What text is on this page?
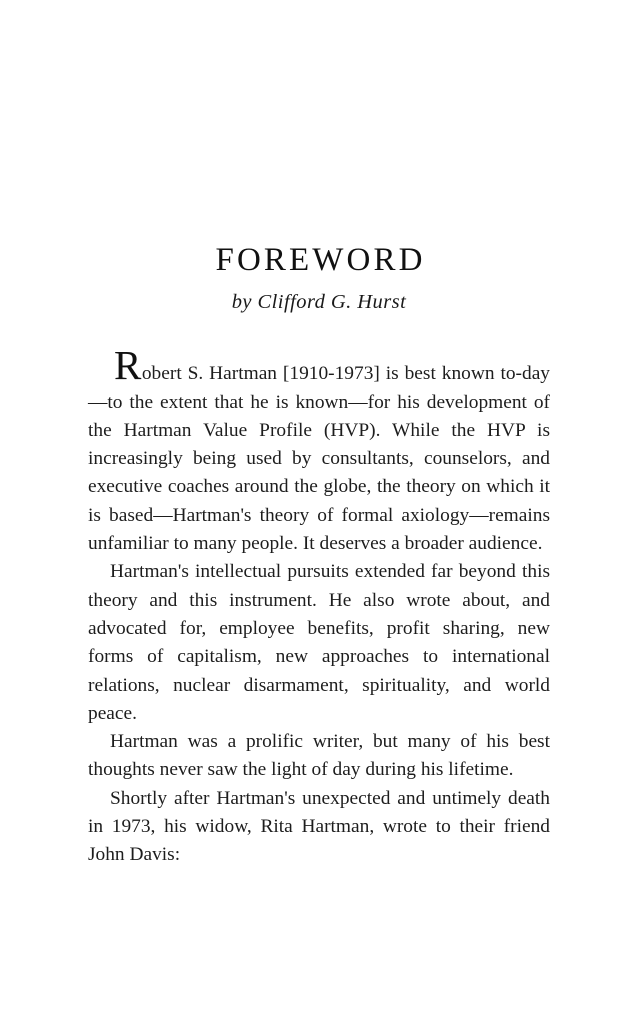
FOREWORD
by Clifford G. Hurst

Robert S. Hartman [1910-1973] is best known to-day—to the extent that he is known—for his development of the Hartman Value Profile (HVP). While the HVP is increasingly being used by consultants, counselors, and executive coaches around the globe, the theory on which it is based—Hartman's theory of formal axiology—remains unfamiliar to many people. It deserves a broader audience.

Hartman's intellectual pursuits extended far beyond this theory and this instrument. He also wrote about, and advocated for, employee benefits, profit sharing, new forms of capitalism, new approaches to international relations, nuclear disarmament, spirituality, and world peace.

Hartman was a prolific writer, but many of his best thoughts never saw the light of day during his lifetime.

Shortly after Hartman's unexpected and untimely death in 1973, his widow, Rita Hartman, wrote to their friend John Davis:
